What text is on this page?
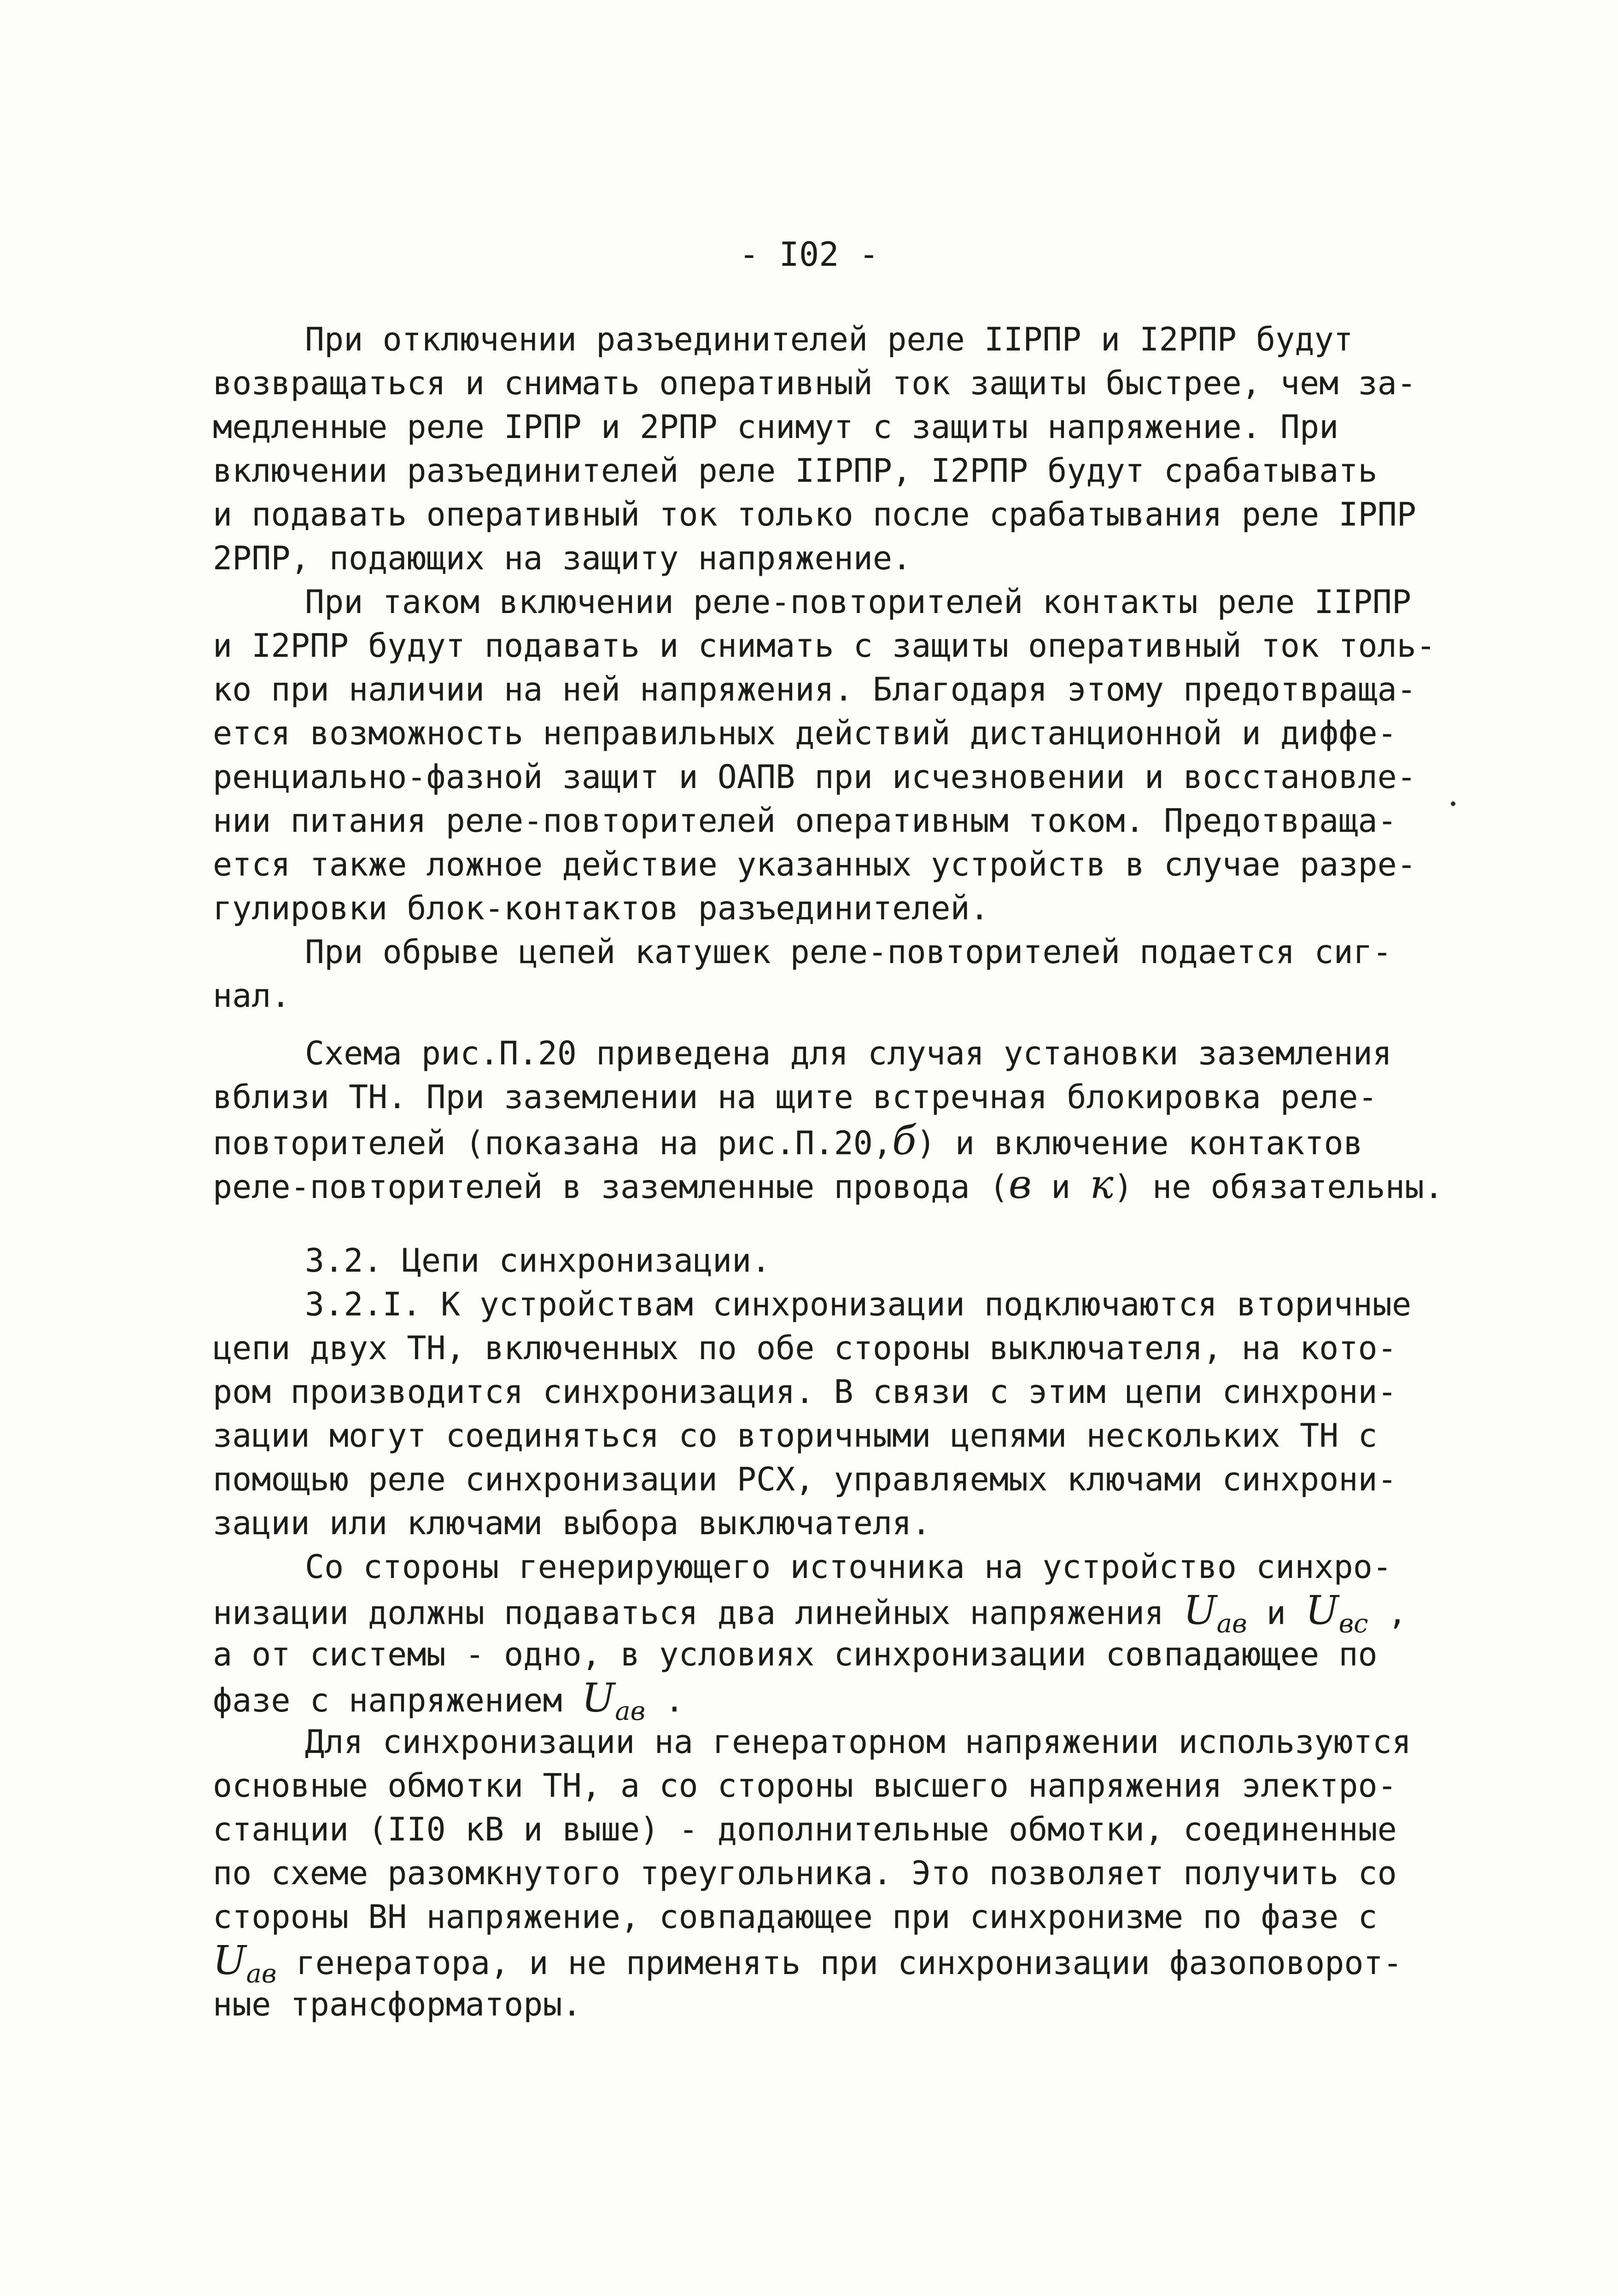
- I02 -
При отключении разъединителей реле IIРПР и I2РПР будут
возвращаться и снимать оперативный ток защиты быстрее, чем за-
медленные реле IРПР и 2РПР снимут с защиты напряжение. При
включении разъединителей реле IIРПР, I2РПР будут срабатывать
и подавать оперативный ток только после срабатывания реле IРПР
2РПР, подающих на защиту напряжение.
При таком включении реле-повторителей контакты реле IIРПР
и I2РПР будут подавать и снимать с защиты оперативный ток толь-
ко при наличии на ней напряжения. Благодаря этому предотвраща-
ется возможность неправильных действий дистанционной и диффе-
ренциально-фазной защит и ОАПВ при исчезновении и восстановле-
нии питания реле-повторителей оперативным током. Предотвраща-
ется также ложное действие указанных устройств в случае разре-
гулировки блок-контактов разъединителей.
При обрыве цепей катушек реле-повторителей подается сиг-
нал.
Схема рис.П.20 приведена для случая установки заземления
вблизи ТН. При заземлении на щите встречная блокировка реле-
повторителей (показана на рис.П.20,б) и включение контактов
реле-повторителей в заземленные провода (в и к) не обязательны.
3.2. Цепи синхронизации.
3.2.I. К устройствам синхронизации подключаются вторичные
цепи двух ТН, включенных по обе стороны выключателя, на кото-
ром производится синхронизация. В связи с этим цепи синхрони-
зации могут соединяться со вторичными цепями нескольких ТН с
помощью реле синхронизации РСХ, управляемых ключами синхрони-
зации или ключами выбора выключателя.
Со стороны генерирующего источника на устройство синхро-
низации должны подаваться два линейных напряжения $U_{ав}$ и $U_{вс}$ ,
а от системы - одно, в условиях синхронизации совпадающее по
фазе с напряжением $U_{ав}$ .
Для синхронизации на генераторном напряжении используются
основные обмотки ТН, а со стороны высшего напряжения электро-
станции (II0 кВ и выше) - дополнительные обмотки, соединенные
по схеме разомкнутого треугольника. Это позволяет получить со
стороны ВН напряжение, совпадающее при синхронизме по фазе с
$U_{ав}$ генератора, и не применять при синхронизации фазоповорот-
ные трансформаторы.
